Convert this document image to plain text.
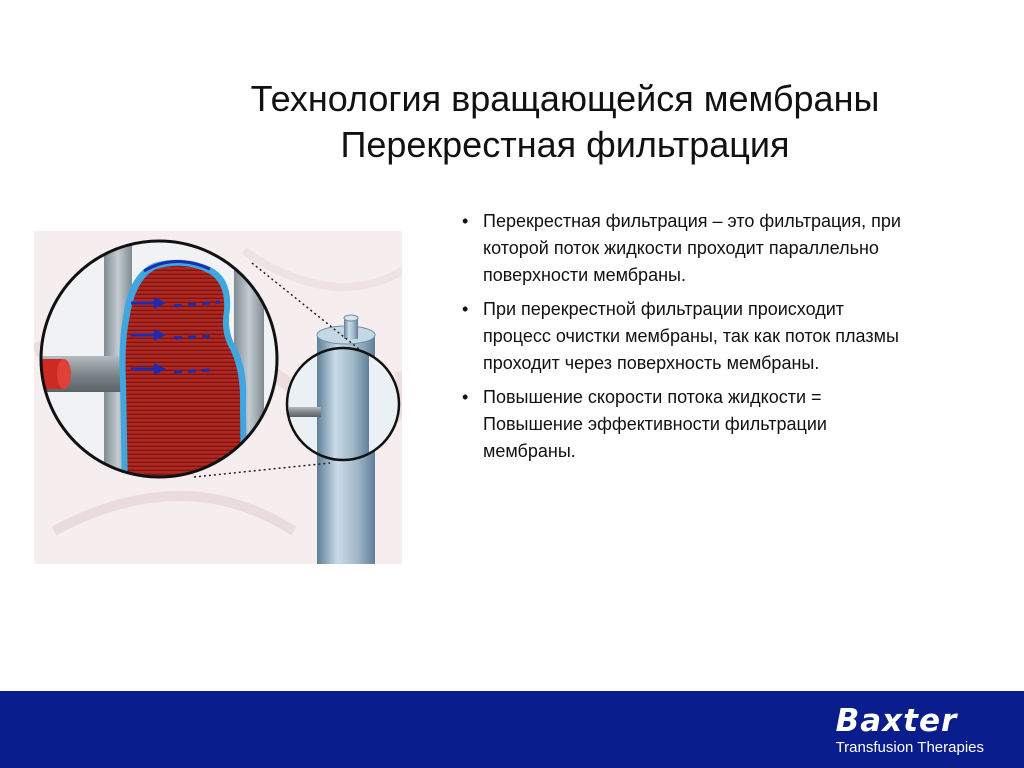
Технология вращающейся мембраны
Перекрестная фильтрация
• Перекрестная фильтрация – это фильтрация, при которой поток жидкости проходит параллельно поверхности мембраны.
• При перекрестной фильтрации происходит процесс очистки мембраны, так как поток плазмы проходит через поверхность мембраны.
• Повышение скорости потока жидкости = Повышение эффективности фильтрации мембраны.
Baxter
Transfusion Therapies
